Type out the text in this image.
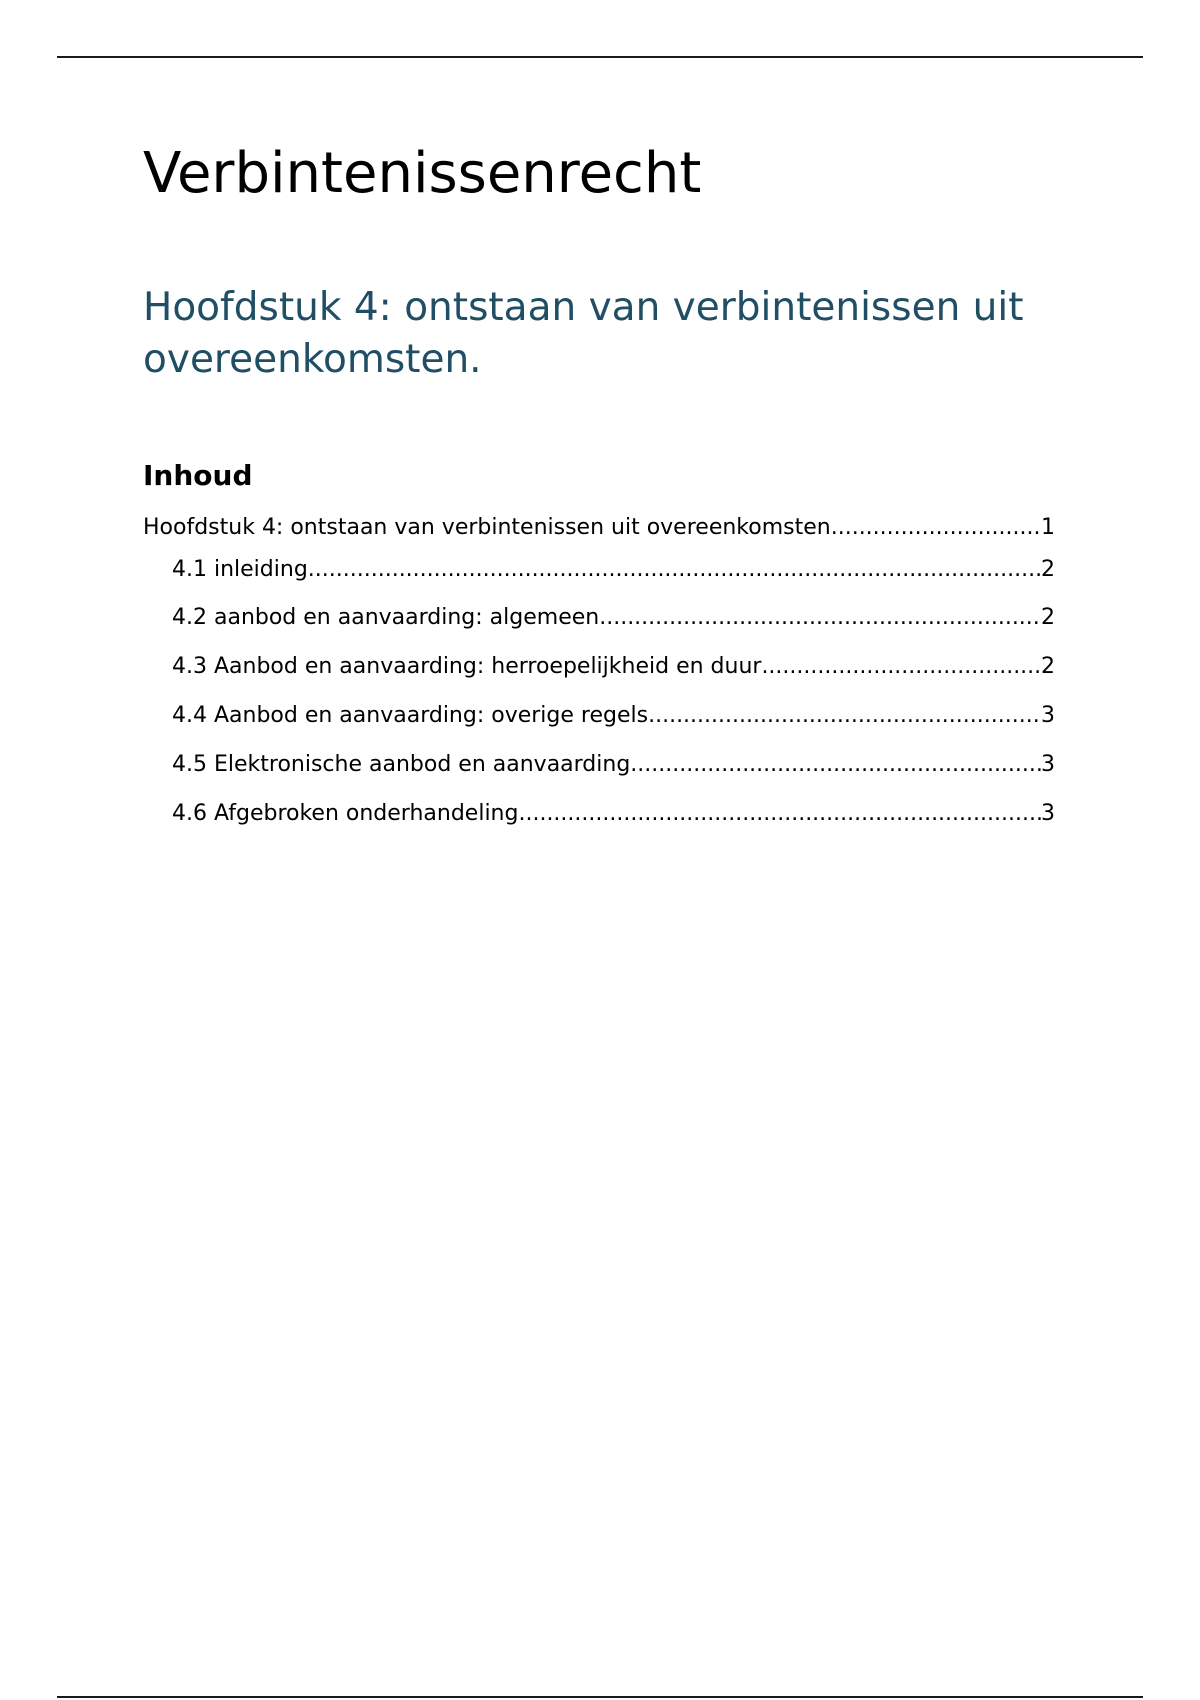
Verbintenissenrecht
Hoofdstuk 4: ontstaan van verbintenissen uit overeenkomsten.
Inhoud
Hoofdstuk 4: ontstaan van verbintenissen uit overeenkomsten .....	1
4.1 inleiding .....	2
4.2 aanbod en aanvaarding: algemeen .....	2
4.3 Aanbod en aanvaarding: herroepelijkheid en duur .....	2
4.4 Aanbod en aanvaarding: overige regels .....	3
4.5 Elektronische aanbod en aanvaarding .....	3
4.6 Afgebroken onderhandeling .....	3
